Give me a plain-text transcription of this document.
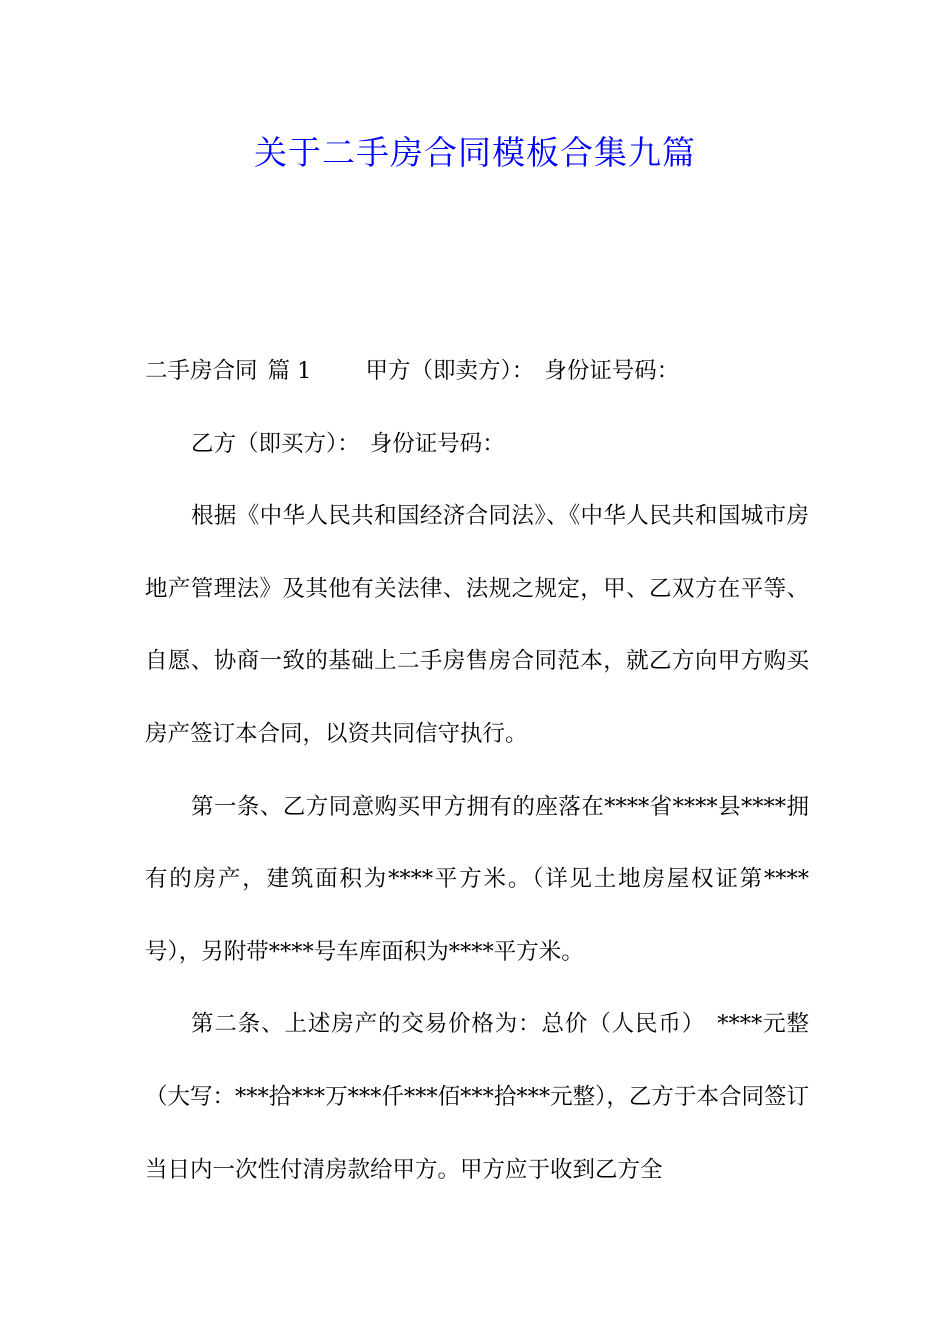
关于二手房合同模板合集九篇

二手房合同 篇 1 甲方（即卖方）： 身份证号码：

乙方（即买方）： 身份证号码：

根据《中华人民共和国经济合同法》、《中华人民共和国城市房地产管理法》及其他有关法律、法规之规定，甲、乙双方在平等、自愿、协商一致的基础上二手房售房合同范本，就乙方向甲方购买房产签订本合同，以资共同信守执行。

第一条、乙方同意购买甲方拥有的座落在****省****县****拥有的房产，建筑面积为****平方米。（详见土地房屋权证第****号），另附带****号车库面积为****平方米。

第二条、上述房产的交易价格为：总价（人民币）　****元整（大写：***拾***万***仟***佰***拾***元整），乙方于本合同签订当日内一次性付清房款给甲方。甲方应于收到乙方全
